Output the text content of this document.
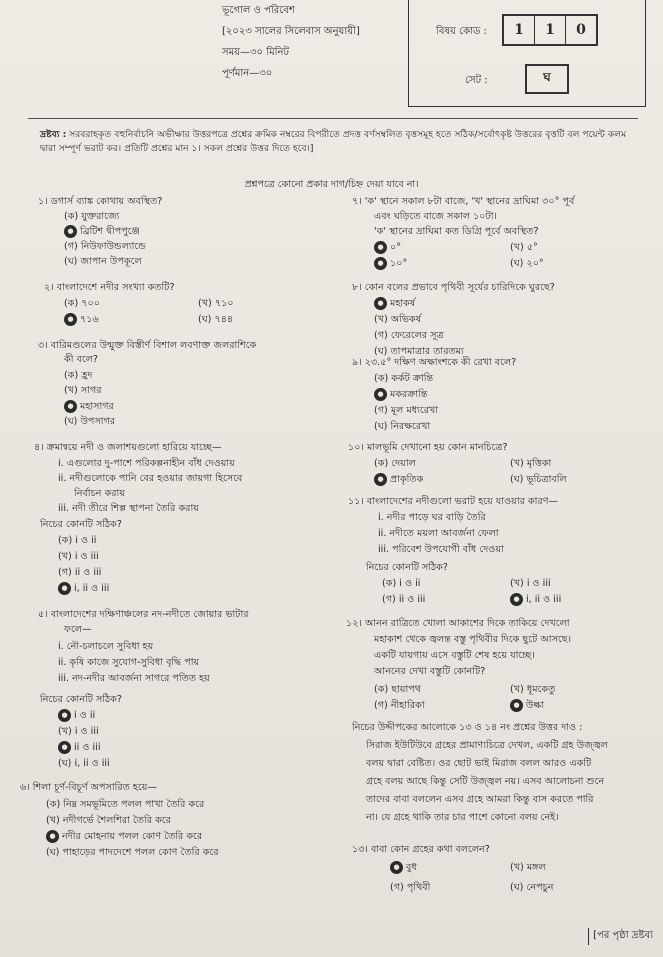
ভূগোল ও পরিবেশ
[২০২৩ সালের সিলেবাস অনুযায়ী]
সময়—৩০ মিনিট
পূর্ণমান—৩০
বিষয় কোড :	1	1	0
সেট :	ঘ
দ্রষ্টব্য : সরবরাহকৃত বহুনির্বাচনি অভীক্ষার উত্তরপত্রে প্রশ্নের ক্রমিক নম্বরের বিপরীতে প্রদত্ত বর্ণসম্বলিত বৃত্তসমূহ হতে সঠিক/সর্বোৎকৃষ্ট উত্তরের বৃত্তটি বল পয়েন্ট কলম দ্বারা সম্পূর্ণ ভরাট কর। প্রতিটি প্রশ্নের মান ১। সকল প্রশ্নের উত্তর দিতে হবে।]
প্রশ্নপত্রে কোনো প্রকার দাগ/চিহ্ন দেয়া যাবে না।
১। ডগার্স ব্যাঙ্ক কোথায় অবস্থিত?
(ক) যুক্তরাজ্যে
● ব্রিটিশ দ্বীপপুঞ্জে
(গ) নিউফাউন্ডল্যান্ডে
(ঘ) জাপান উপকূলে
২। বাংলাদেশে নদীর সংখ্যা কতটি?
(ক) ৭০০	(খ) ৭১০
● ৭১৬	(ঘ) ৭৪৪
৩। বারিমণ্ডলের উন্মুক্ত বিস্তীর্ণ বিশাল লবণাক্ত জলরাশিকে
কী বলে?
(ক) হ্রদ
(খ) সাগর
● মহাসাগর
(ঘ) উপসাগর
৪। ক্রমান্বয়ে নদী ও জলাশয়গুলো হারিয়ে যাচ্ছে—
i. এগুলোর দু-পাশে পরিকল্পনাহীন বাঁধ দেওয়ায়
ii. নদীগুলোকে পানি বের হওয়ার জায়গা হিসেবে
নির্বাচন করায়
iii. নদী তীরে শিল্প স্থাপনা তৈরি করায়
নিচের কোনটি সঠিক?
(ক) i ও ii
(খ) i ও iii
(গ) ii ও iii
● i, ii ও iii
৫। বাংলাদেশের দক্ষিণাঞ্চলের নদ-নদীতে জোয়ার ভাটার
ফলে—
i. নৌ-চলাচলে সুবিধা হয়
ii. কৃষি কাজে সুযোগ-সুবিধা বৃদ্ধি পায়
iii. নদ-নদীর আবর্জনা সাগরে পতিত হয়
নিচের কোনটি সঠিক?
● i ও ii
(খ) i ও iii
● ii ও iii
(ঘ) i, ii ও iii
৬। শিলা চূর্ণ-বিচূর্ণ অপসারিত হয়ে—
(ক) নিম্ন সমভূমিতে পলল পাখা তৈরি করে
(খ) নদীগর্ভে শৈলশিরা তৈরি করে
● নদীর মোহনায় পলল কোণ তৈরি করে
(ঘ) পাহাড়ের পাদদেশে পলল কোণ তৈরি করে
৭। 'ক' স্থানে সকাল ৮টা বাজে, 'খ' স্থানের দ্রাঘিমা ৩০° পূর্ব
এবং ঘড়িতে বাজে সকাল ১০টা।
'ক' স্থানের দ্রাঘিমা কত ডিগ্রি পূর্বে অবস্থিত?
● ০°	(খ) ৫°
● ১০°	(ঘ) ২০°
৮। কোন বলের প্রভাবে পৃথিবী সূর্যের চারিদিকে ঘুরছে?
● মহাকর্ষ
(খ) অভিকর্ষ
(গ) ফেরেলের সূত্র
(ঘ) তাপমাত্রার তারতম্য
৯। ২৩.৫° দক্ষিণ অক্ষাংশকে কী রেখা বলে?
(ক) কর্কট ক্রান্তি
● মকরক্রান্তি
(গ) মূল মধ্যরেখা
(ঘ) নিরক্ষরেখা
১০। মালভূমি দেখানো হয় কোন মানচিত্রে?
(ক) দেয়াল	(খ) মৃত্তিকা
● প্রাকৃতিক	(ঘ) ভূচিত্রাবলি
১১। বাংলাদেশের নদীগুলো ভরাট হয়ে যাওয়ার কারণ—
i. নদীর পাড়ে ঘর বাড়ি তৈরি
ii. নদীতে ময়লা আবর্জনা ফেলা
iii. পরিবেশ উপযোগী বাঁধ দেওয়া
নিচের কোনটি সঠিক?
(ক) i ও ii	(খ) i ও iii
(গ) ii ও iii	● i, ii ও iii
১২। আনন রাত্রিতে খোলা আকাশের দিকে তাকিয়ে দেখলো
মহাকাশ থেকে জ্বলন্ত বস্তু পৃথিবীর দিকে ছুটে আসছে।
একটি যায়গায় এসে বস্তুটি শেষ হয়ে যাচ্ছে।
আননের দেখা বস্তুটি কোনটি?
(ক) ছায়াপথ	(খ) ধূমকেতু
(গ) নীহারিকা	● উল্কা
নিচের উদ্দীপকের আলোকে ১৩ ও ১৪ নং প্রশ্নের উত্তর দাও :
সিরাজ ইউটিউবে গ্রহের প্রামাণ্যচিত্রে দেখল, একটি গ্রহ উজ্জ্বল
বলয় দ্বারা বেষ্টিত। ওর ছোট ভাই মিরাজ বলল আরও একটি
গ্রহে বলয় আছে কিন্তু সেটি উজ্জ্বল নয়। এসব আলোচনা শুনে
তাদের বাবা বললেন এসব গ্রহে আমরা কিন্তু বাস করতে পারি
না। যে গ্রহে থাকি তার চার পাশে কোনো বলয় নেই।
১৩। বাবা কোন গ্রহের কথা বললেন?
● বুধ	(খ) মঙ্গল
(গ) পৃথিবী	(ঘ) নেপচুন
[পর পৃষ্ঠা দ্রষ্টব্য
